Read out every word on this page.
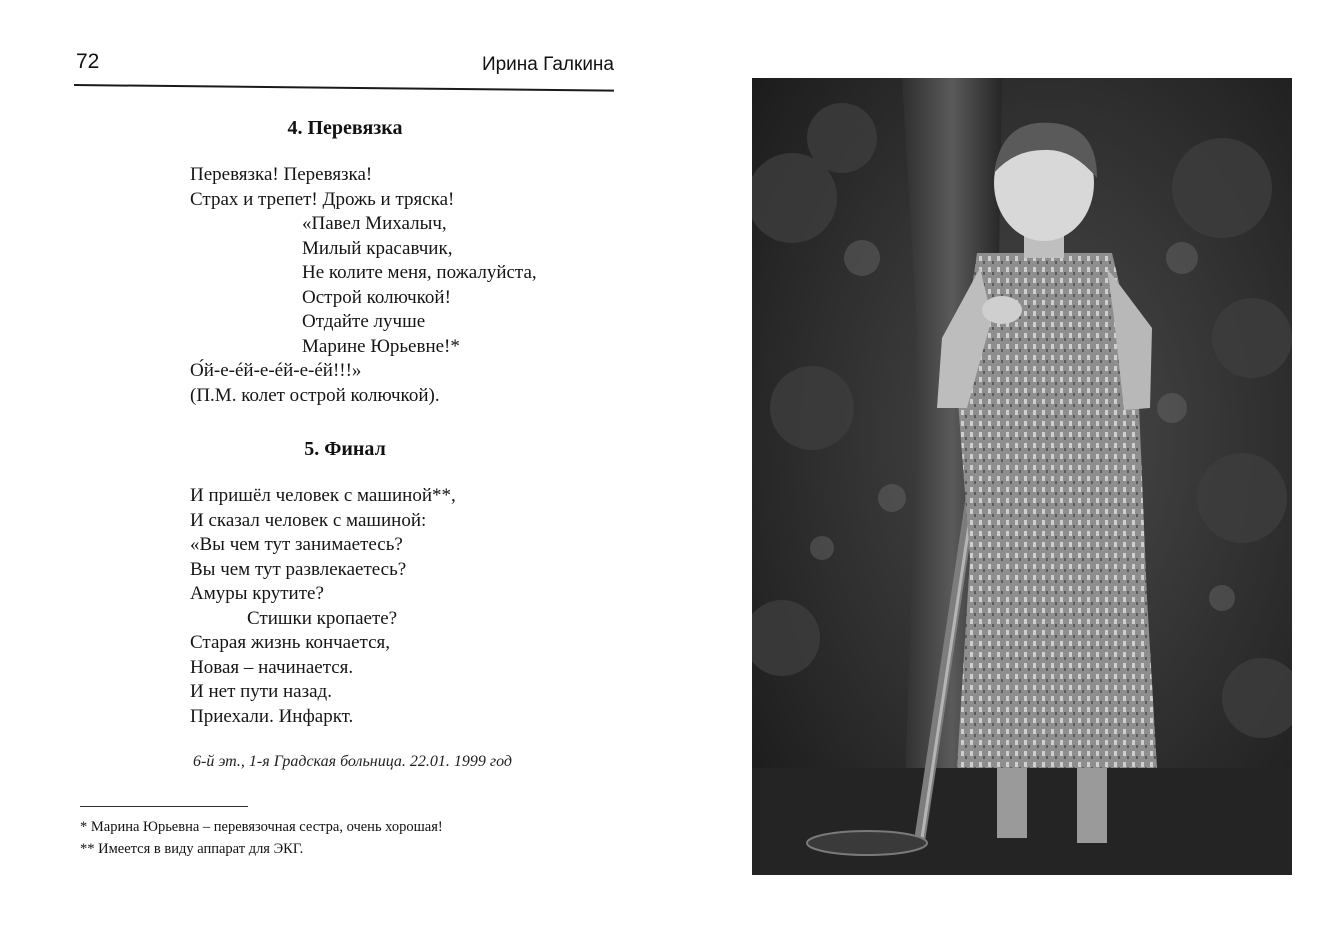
72	Ирина Галкина
4. Перевязка
Перевязка! Перевязка!
Страх и трепет! Дрожь и тряска!
«Павел Михалыч,
Милый красавчик,
Не колите меня, пожалуйста,
Острой колючкой!
Отдайте лучше
Марине Юрьевне!*
О́й-е-éй-е-éй-е-éй!!!»
(П.М. колет острой колючкой).
5. Финал
И пришёл человек с машиной**,
И сказал человек с машиной:
«Вы чем тут занимаетесь?
Вы чем тут развлекаетесь?
Амуры крутите?
Стишки кропаете?
Старая жизнь кончается,
Новая – начинается.
И нет пути назад.
Приехали. Инфаркт.
6-й эт., 1-я Градская больница. 22.01. 1999 год
* Марина Юрьевна – перевязочная сестра, очень хорошая!
** Имеется в виду аппарат для ЭКГ.
